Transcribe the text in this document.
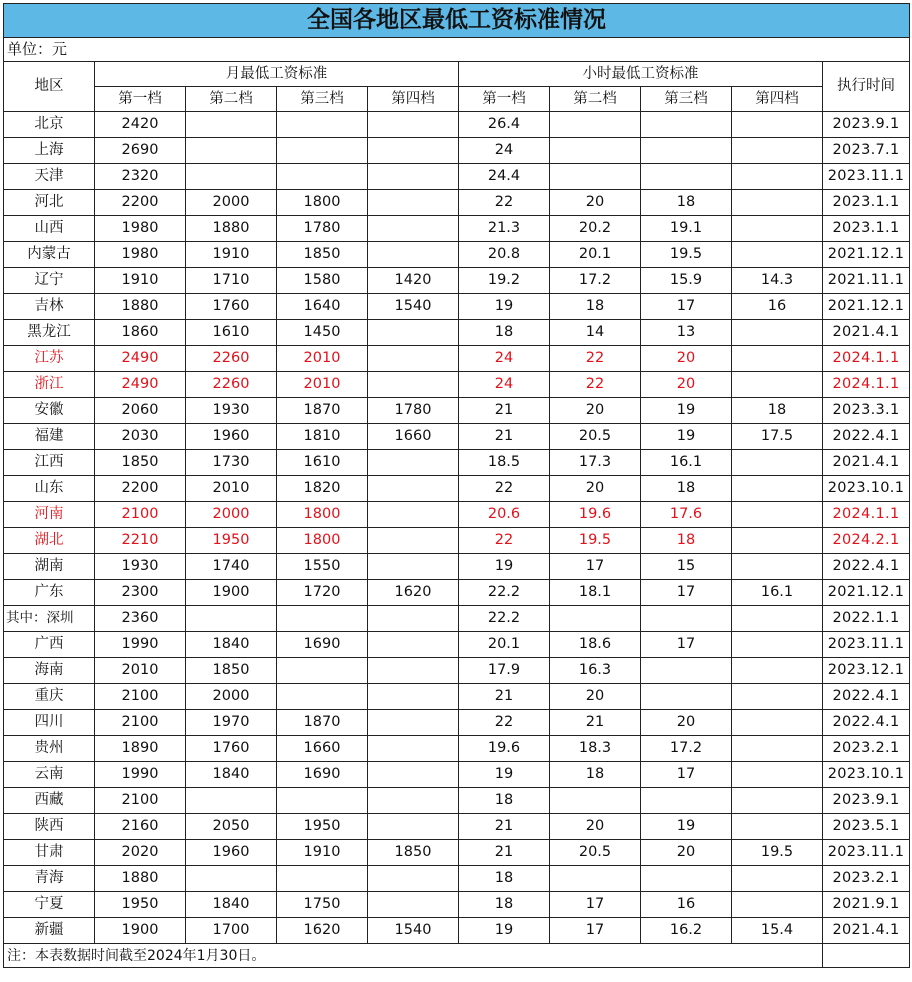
全国各地区最低工资标准情况									
单位：元									
地区	月最低工资标准				小时最低工资标准				执行时间
	第一档	第二档	第三档	第四档	第一档	第二档	第三档	第四档	
北京	2420				26.4				2023.9.1
上海	2690				24				2023.7.1
天津	2320				24.4				2023.11.1
河北	2200	2000	1800		22	20	18		2023.1.1
山西	1980	1880	1780		21.3	20.2	19.1		2023.1.1
内蒙古	1980	1910	1850		20.8	20.1	19.5		2021.12.1
辽宁	1910	1710	1580	1420	19.2	17.2	15.9	14.3	2021.11.1
吉林	1880	1760	1640	1540	19	18	17	16	2021.12.1
黑龙江	1860	1610	1450		18	14	13		2021.4.1
江苏	2490	2260	2010		24	22	20		2024.1.1
浙江	2490	2260	2010		24	22	20		2024.1.1
安徽	2060	1930	1870	1780	21	20	19	18	2023.3.1
福建	2030	1960	1810	1660	21	20.5	19	17.5	2022.4.1
江西	1850	1730	1610		18.5	17.3	16.1		2021.4.1
山东	2200	2010	1820		22	20	18		2023.10.1
河南	2100	2000	1800		20.6	19.6	17.6		2024.1.1
湖北	2210	1950	1800		22	19.5	18		2024.2.1
湖南	1930	1740	1550		19	17	15		2022.4.1
广东	2300	1900	1720	1620	22.2	18.1	17	16.1	2021.12.1
其中：深圳	2360				22.2				2022.1.1
广西	1990	1840	1690		20.1	18.6	17		2023.11.1
海南	2010	1850			17.9	16.3			2023.12.1
重庆	2100	2000			21	20			2022.4.1
四川	2100	1970	1870		22	21	20		2022.4.1
贵州	1890	1760	1660		19.6	18.3	17.2		2023.2.1
云南	1990	1840	1690		19	18	17		2023.10.1
西藏	2100				18				2023.9.1
陕西	2160	2050	1950		21	20	19		2023.5.1
甘肃	2020	1960	1910	1850	21	20.5	20	19.5	2023.11.1
青海	1880				18				2023.2.1
宁夏	1950	1840	1750		18	17	16		2021.9.1
新疆	1900	1700	1620	1540	19	17	16.2	15.4	2021.4.1
注：本表数据时间截至2024年1月30日。									
